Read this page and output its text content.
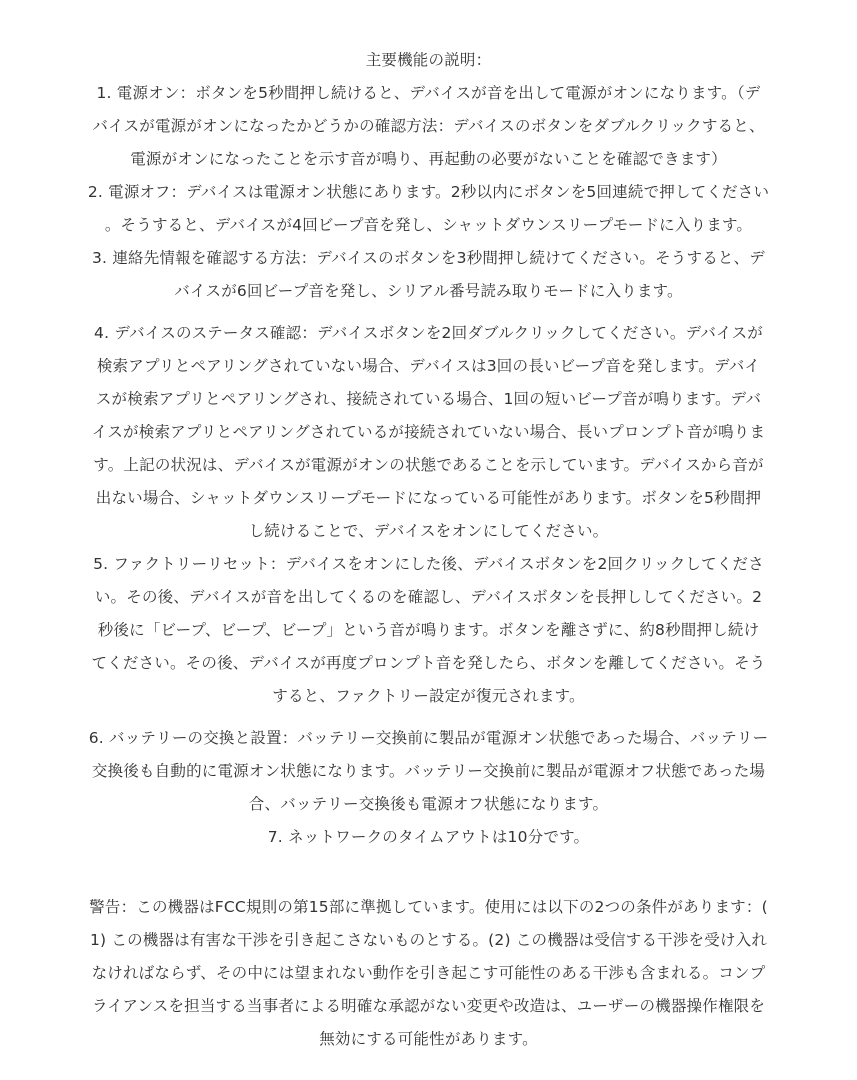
主要機能の説明：
1. 電源オン：ボタンを5秒間押し続けると、デバイスが音を出して電源がオンになります。（デ
バイスが電源がオンになったかどうかの確認方法：デバイスのボタンをダブルクリックすると、
電源がオンになったことを示す音が鳴り、再起動の必要がないことを確認できます）
2. 電源オフ：デバイスは電源オン状態にあります。2秒以内にボタンを5回連続で押してください
。そうすると、デバイスが4回ビープ音を発し、シャットダウンスリープモードに入ります。
3. 連絡先情報を確認する方法：デバイスのボタンを3秒間押し続けてください。そうすると、デ
バイスが6回ビープ音を発し、シリアル番号読み取りモードに入ります。
4. デバイスのステータス確認：デバイスボタンを2回ダブルクリックしてください。デバイスが
検索アプリとペアリングされていない場合、デバイスは3回の長いビープ音を発します。デバイ
スが検索アプリとペアリングされ、接続されている場合、1回の短いビープ音が鳴ります。デバ
イスが検索アプリとペアリングされているが接続されていない場合、長いプロンプト音が鳴りま
す。上記の状況は、デバイスが電源がオンの状態であることを示しています。デバイスから音が
出ない場合、シャットダウンスリープモードになっている可能性があります。ボタンを5秒間押
し続けることで、デバイスをオンにしてください。
5. ファクトリーリセット：デバイスをオンにした後、デバイスボタンを2回クリックしてくださ
い。その後、デバイスが音を出してくるのを確認し、デバイスボタンを長押ししてください。2
秒後に「ビープ、ビープ、ビープ」という音が鳴ります。ボタンを離さずに、約8秒間押し続け
てください。その後、デバイスが再度プロンプト音を発したら、ボタンを離してください。そう
すると、ファクトリー設定が復元されます。
6. バッテリーの交換と設置：バッテリー交換前に製品が電源オン状態であった場合、バッテリー
交換後も自動的に電源オン状態になります。バッテリー交換前に製品が電源オフ状態であった場
合、バッテリー交換後も電源オフ状態になります。
7. ネットワークのタイムアウトは10分です。
警告：この機器はFCC規則の第15部に準拠しています。使用には以下の2つの条件があります：(
1) この機器は有害な干渉を引き起こさないものとする。(2) この機器は受信する干渉を受け入れ
なければならず、その中には望まれない動作を引き起こす可能性のある干渉も含まれる。コンプ
ライアンスを担当する当事者による明確な承認がない変更や改造は、ユーザーの機器操作権限を
無効にする可能性があります。
